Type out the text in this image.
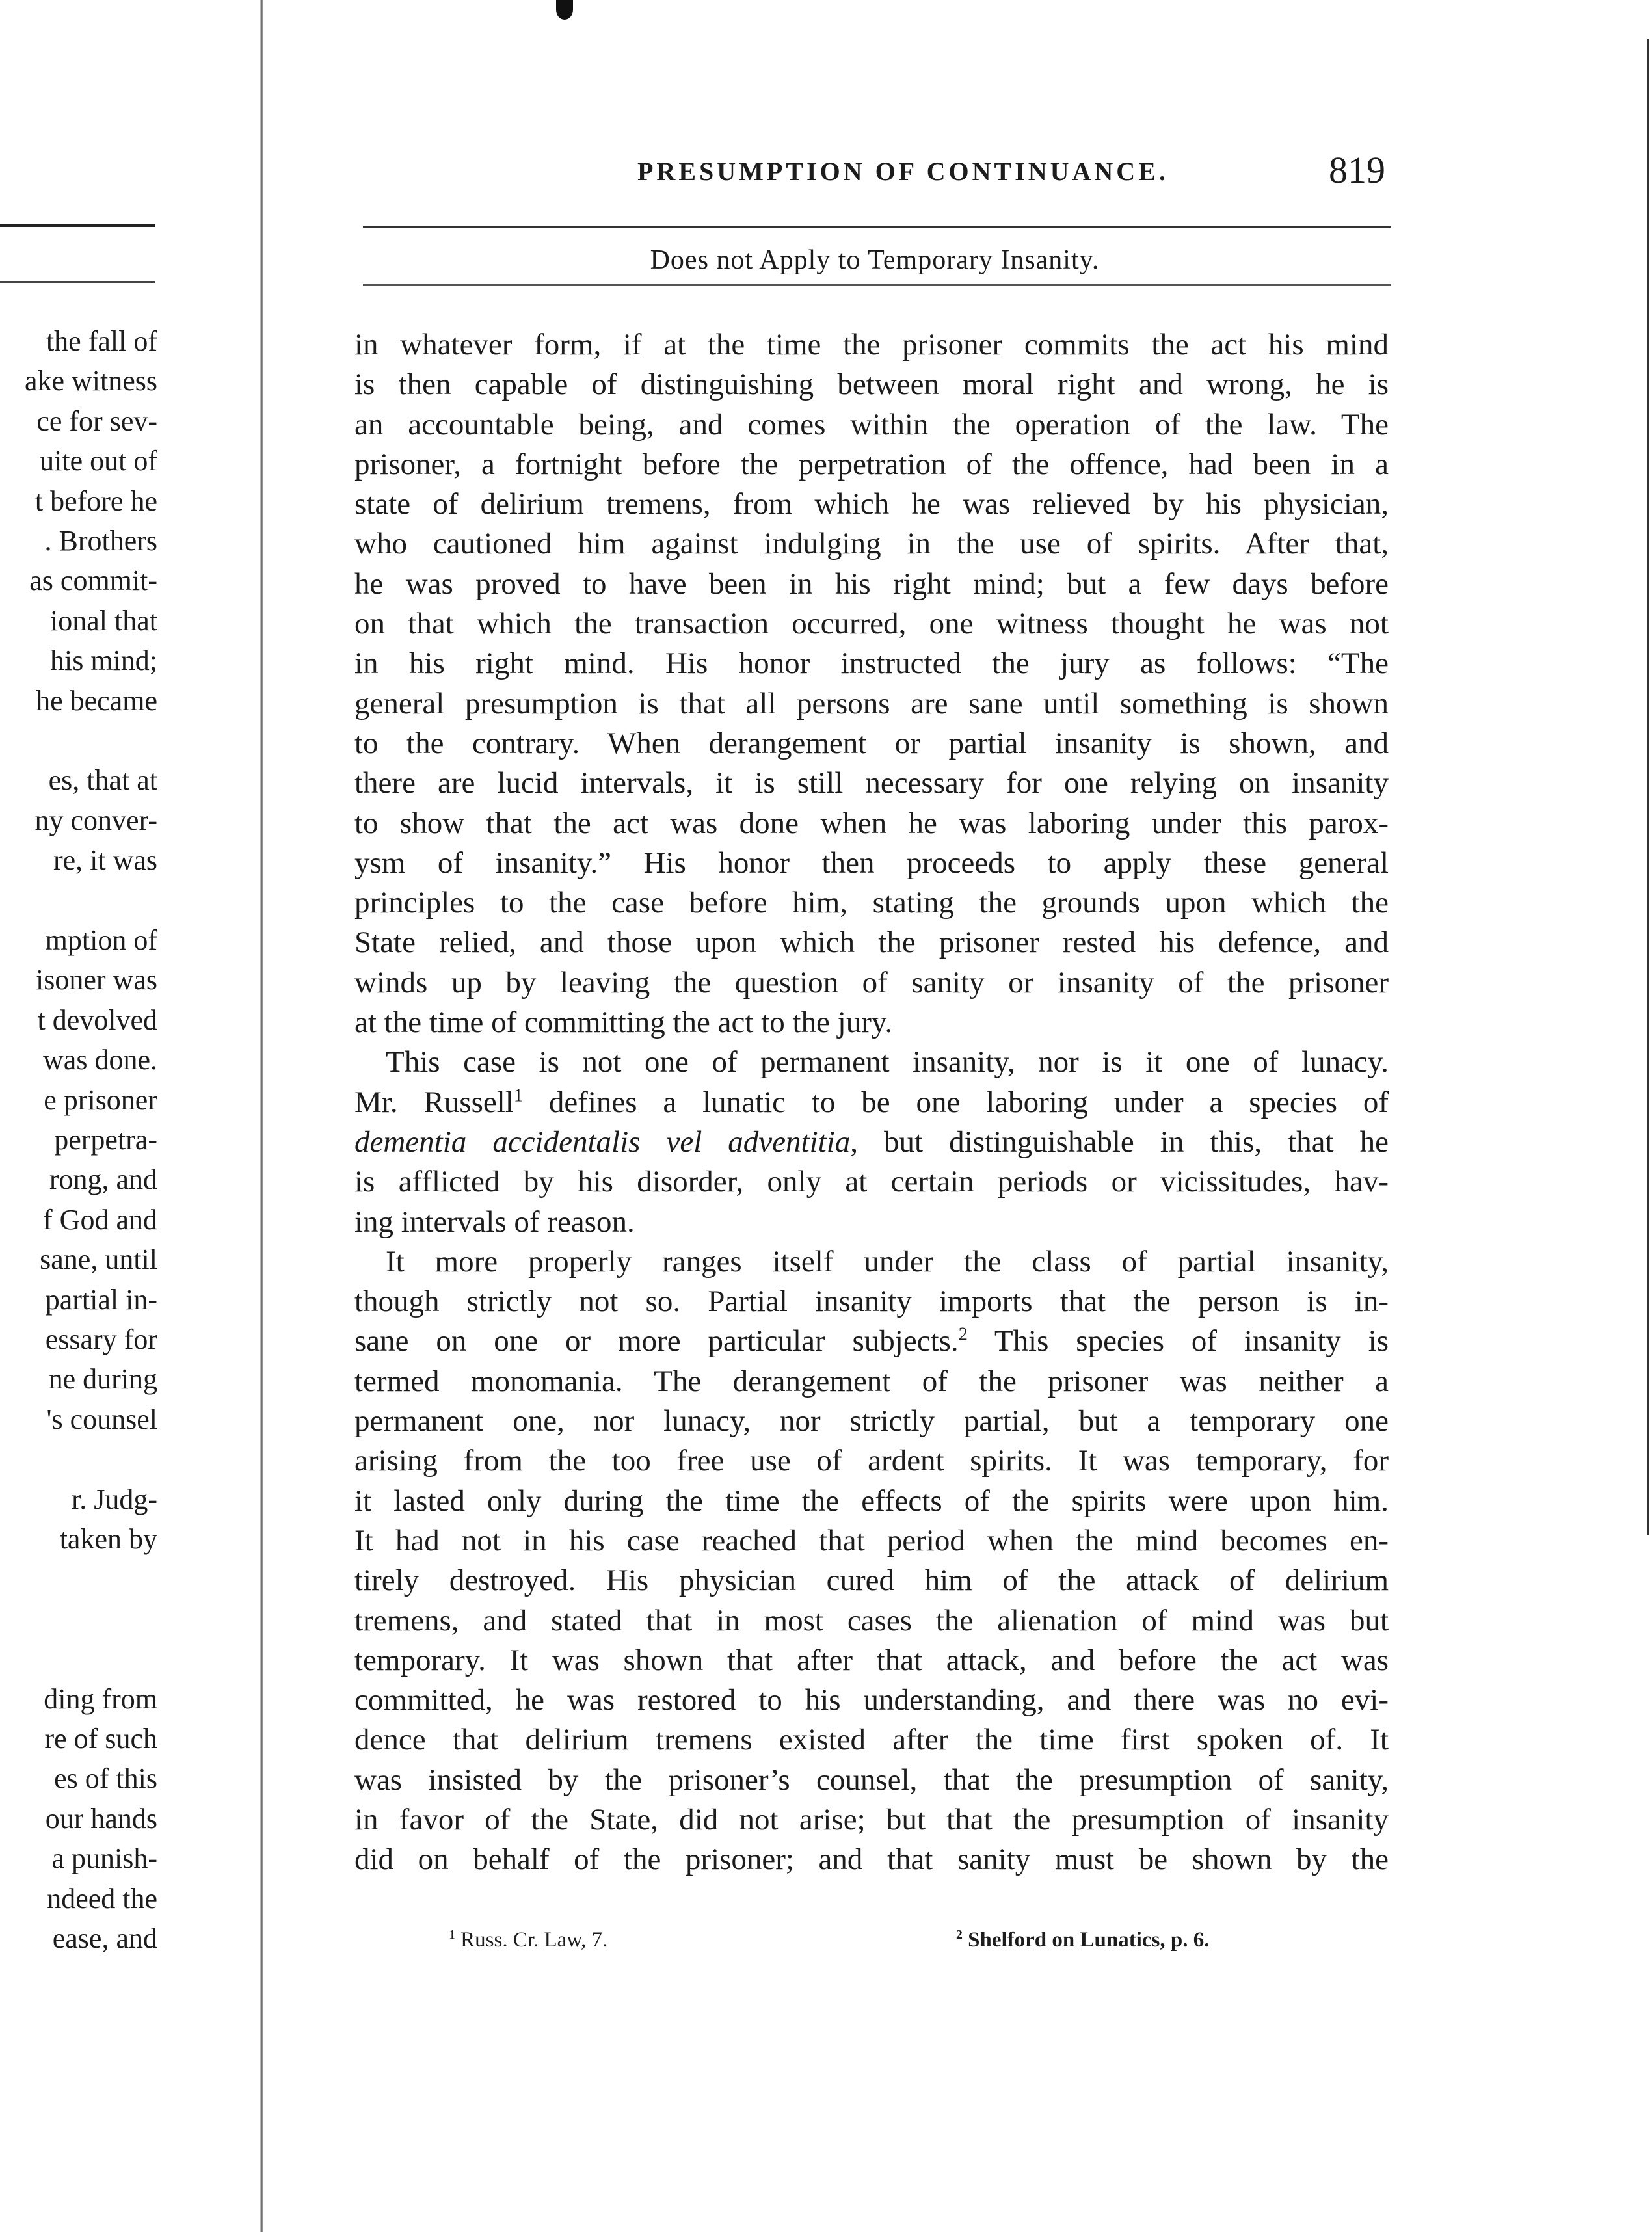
the fall of
ake witness
ce for sev-
uite out of
t before he
. Brothers
as commit-
ional that
his mind;
he became
es, that at
ny conver-
re, it was
mption of
isoner was
t devolved
was done.
e prisoner
perpetra-
rong, and
f God and
sane, until
partial in-
essary for
ne during
's counsel
r. Judg-
taken by
ding from
re of such
es of this
our hands
a punish-
ndeed the
ease, and
PRESUMPTION OF CONTINUANCE.	819
Does not Apply to Temporary Insanity.
in whatever form, if at the time the prisoner commits the act his mind
is then capable of distinguishing between moral right and wrong, he is
an accountable being, and comes within the operation of the law. The
prisoner, a fortnight before the perpetration of the offence, had been in a
state of delirium tremens, from which he was relieved by his physician,
who cautioned him against indulging in the use of spirits. After that,
he was proved to have been in his right mind; but a few days before
on that which the transaction occurred, one witness thought he was not
in his right mind. His honor instructed the jury as follows: “The
general presumption is that all persons are sane until something is shown
to the contrary. When derangement or partial insanity is shown, and
there are lucid intervals, it is still necessary for one relying on insanity
to show that the act was done when he was laboring under this parox-
ysm of insanity.” His honor then proceeds to apply these general
principles to the case before him, stating the grounds upon which the
State relied, and those upon which the prisoner rested his defence, and
winds up by leaving the question of sanity or insanity of the prisoner
at the time of committing the act to the jury.
This case is not one of permanent insanity, nor is it one of lunacy.
Mr. Russell$^1$ defines a lunatic to be one laboring under a species of
dementia accidentalis vel adventitia, but distinguishable in this, that he
is afflicted by his disorder, only at certain periods or vicissitudes, hav-
ing intervals of reason.
It more properly ranges itself under the class of partial insanity,
though strictly not so. Partial insanity imports that the person is in-
sane on one or more particular subjects.$^2$ This species of insanity is
termed monomania. The derangement of the prisoner was neither a
permanent one, nor lunacy, nor strictly partial, but a temporary one
arising from the too free use of ardent spirits. It was temporary, for
it lasted only during the time the effects of the spirits were upon him.
It had not in his case reached that period when the mind becomes en-
tirely destroyed. His physician cured him of the attack of delirium
tremens, and stated that in most cases the alienation of mind was but
temporary. It was shown that after that attack, and before the act was
committed, he was restored to his understanding, and there was no evi-
dence that delirium tremens existed after the time first spoken of. It
was insisted by the prisoner’s counsel, that the presumption of sanity,
in favor of the State, did not arise; but that the presumption of insanity
did on behalf of the prisoner; and that sanity must be shown by the
$^1$ Russ. Cr. Law, 7.	$^2$ Shelford on Lunatics, p. 6.
